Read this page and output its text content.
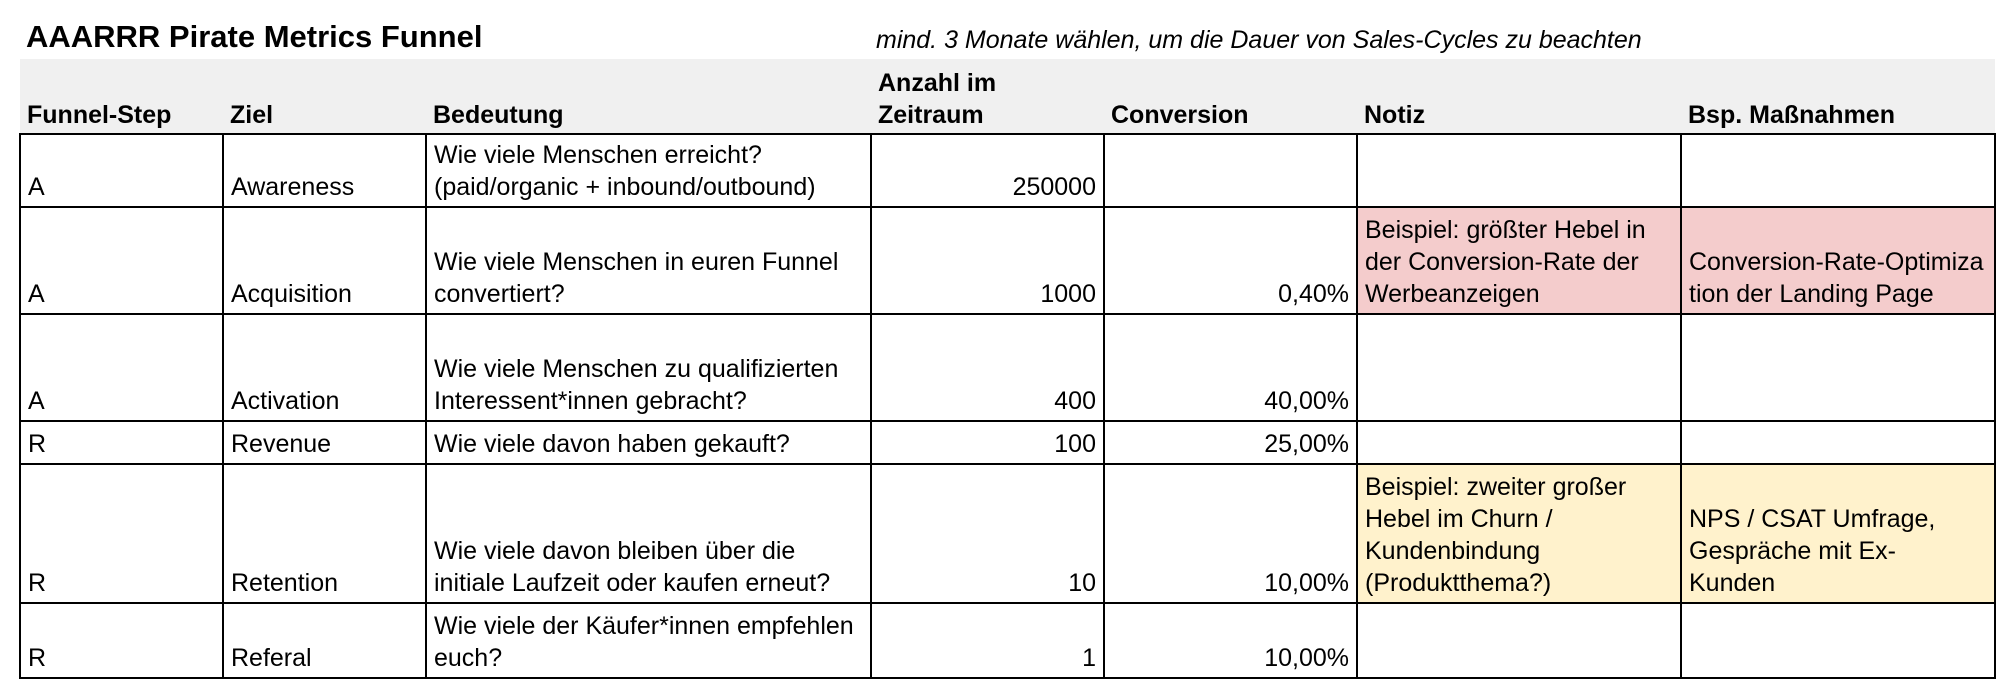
AAARRR Pirate Metrics Funnel	mind. 3 Monate wählen, um die Dauer von Sales-Cycles zu beachten
Funnel-Step	Ziel	Bedeutung	Anzahl im Zeitraum	Conversion	Notiz	Bsp. Maßnahmen
A	Awareness	Wie viele Menschen erreicht? (paid/organic + inbound/outbound)	250000			
A	Acquisition	Wie viele Menschen in euren Funnel convertiert?	1000	0,40%	Beispiel: größter Hebel in der Conversion-Rate der Werbeanzeigen	Conversion-Rate-Optimization der Landing Page
A	Activation	Wie viele Menschen zu qualifizierten Interessent*innen gebracht?	400	40,00%		
R	Revenue	Wie viele davon haben gekauft?	100	25,00%		
R	Retention	Wie viele davon bleiben über die initiale Laufzeit oder kaufen erneut?	10	10,00%	Beispiel: zweiter großer Hebel im Churn / Kundenbindung (Produktthema?)	NPS / CSAT Umfrage, Gespräche mit Ex-Kunden
R	Referal	Wie viele der Käufer*innen empfehlen euch?	1	10,00%		
